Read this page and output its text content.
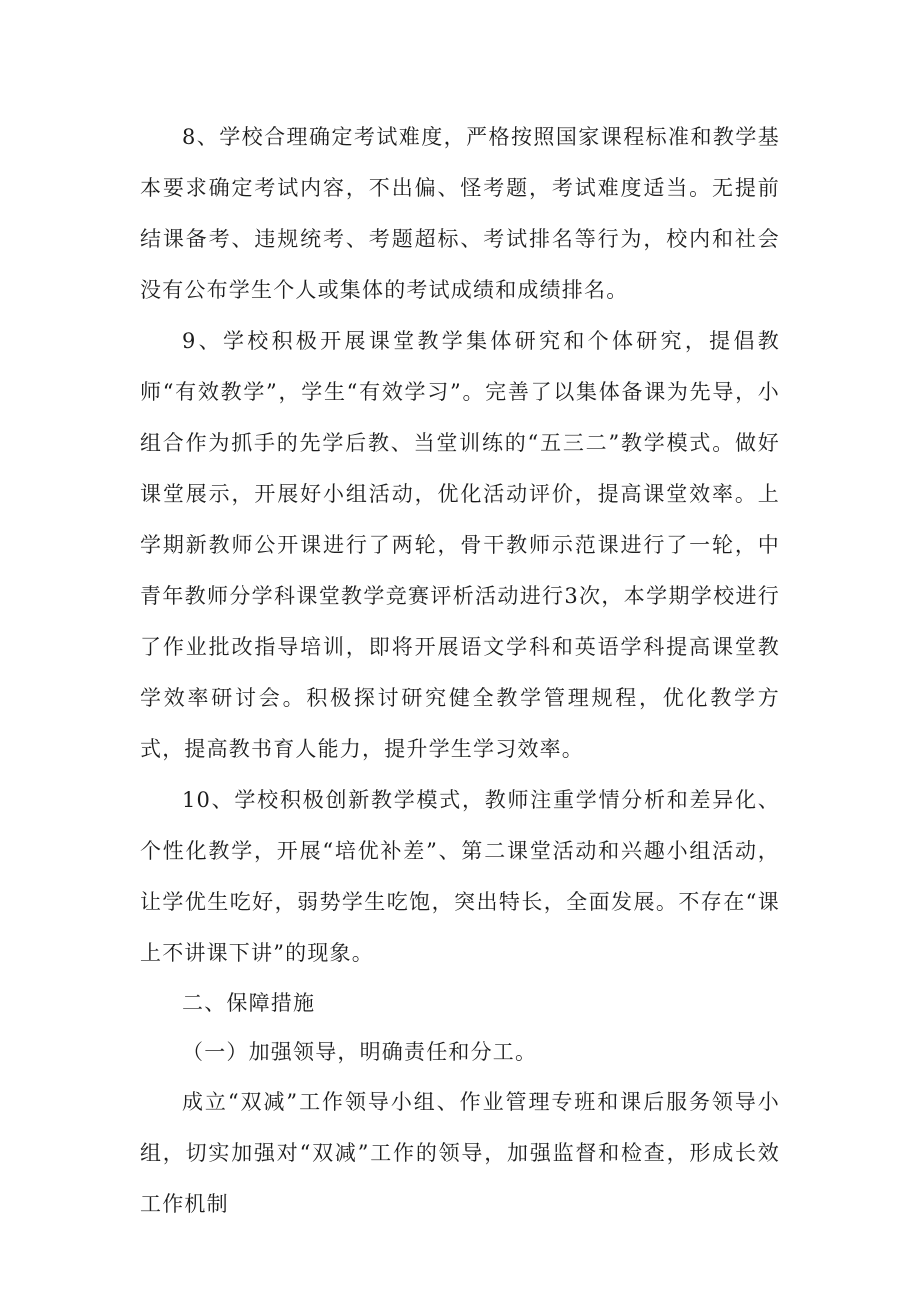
8、学校合理确定考试难度，严格按照国家课程标准和教学基本要求确定考试内容，不出偏、怪考题，考试难度适当。无提前结课备考、违规统考、考题超标、考试排名等行为，校内和社会没有公布学生个人或集体的考试成绩和成绩排名。

9、学校积极开展课堂教学集体研究和个体研究，提倡教师“有效教学”，学生“有效学习”。完善了以集体备课为先导，小组合作为抓手的先学后教、当堂训练的“五三二”教学模式。做好课堂展示，开展好小组活动，优化活动评价，提高课堂效率。上学期新教师公开课进行了两轮，骨干教师示范课进行了一轮，中青年教师分学科课堂教学竞赛评析活动进行3次，本学期学校进行了作业批改指导培训，即将开展语文学科和英语学科提高课堂教学效率研讨会。积极探讨研究健全教学管理规程，优化教学方式，提高教书育人能力，提升学生学习效率。

10、学校积极创新教学模式，教师注重学情分析和差异化、个性化教学，开展“培优补差”、第二课堂活动和兴趣小组活动，让学优生吃好，弱势学生吃饱，突出特长，全面发展。不存在“课上不讲课下讲”的现象。

二、保障措施

（一）加强领导，明确责任和分工。

成立“双减”工作领导小组、作业管理专班和课后服务领导小组，切实加强对“双减”工作的领导，加强监督和检查，形成长效工作机制
